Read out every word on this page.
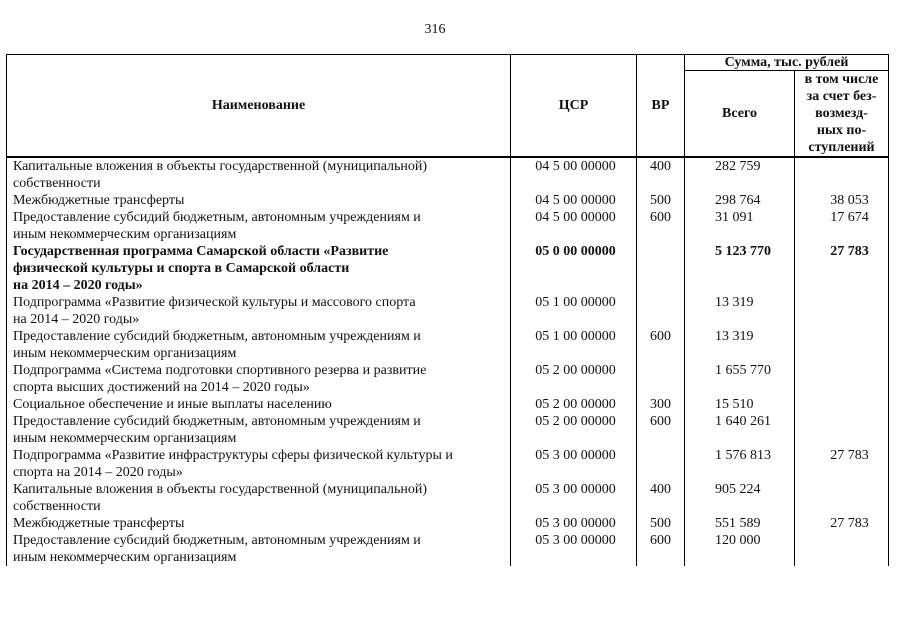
316
Наименование	ЦСР	ВР	Сумма, тыс. рублей	
			Всего	в том числе
за счет без-
возмезд-
ных по-
ступлений

Капитальные вложения в объекты государственной (муниципальной)
собственности	04 5 00 00000	400	282 759	

Межбюджетные трансферты	04 5 00 00000	500	298 764	38 053

Предоставление субсидий бюджетным, автономным учреждениям и
иным некоммерческим организациям	04 5 00 00000	600	31 091	17 674

Государственная программа Самарской области «Развитие
физической культуры и спорта в Самарской области
на 2014 – 2020 годы»	05 0 00 00000		5 123 770	27 783

Подпрограмма «Развитие физической культуры и массового спорта
на 2014 – 2020 годы»	05 1 00 00000		13 319	

Предоставление субсидий бюджетным, автономным учреждениям и
иным некоммерческим организациям	05 1 00 00000	600	13 319	

Подпрограмма «Система подготовки спортивного резерва и развитие
спорта высших достижений на 2014 – 2020 годы»	05 2 00 00000		1 655 770	

Социальное обеспечение и иные выплаты населению	05 2 00 00000	300	15 510	

Предоставление субсидий бюджетным, автономным учреждениям и
иным некоммерческим организациям	05 2 00 00000	600	1 640 261	

Подпрограмма «Развитие инфраструктуры сферы физической культуры и
спорта на 2014 – 2020 годы»	05 3 00 00000		1 576 813	27 783

Капитальные вложения в объекты государственной (муниципальной)
собственности	05 3 00 00000	400	905 224	

Межбюджетные трансферты	05 3 00 00000	500	551 589	27 783

Предоставление субсидий бюджетным, автономным учреждениям и
иным некоммерческим организациям	05 3 00 00000	600	120 000	
